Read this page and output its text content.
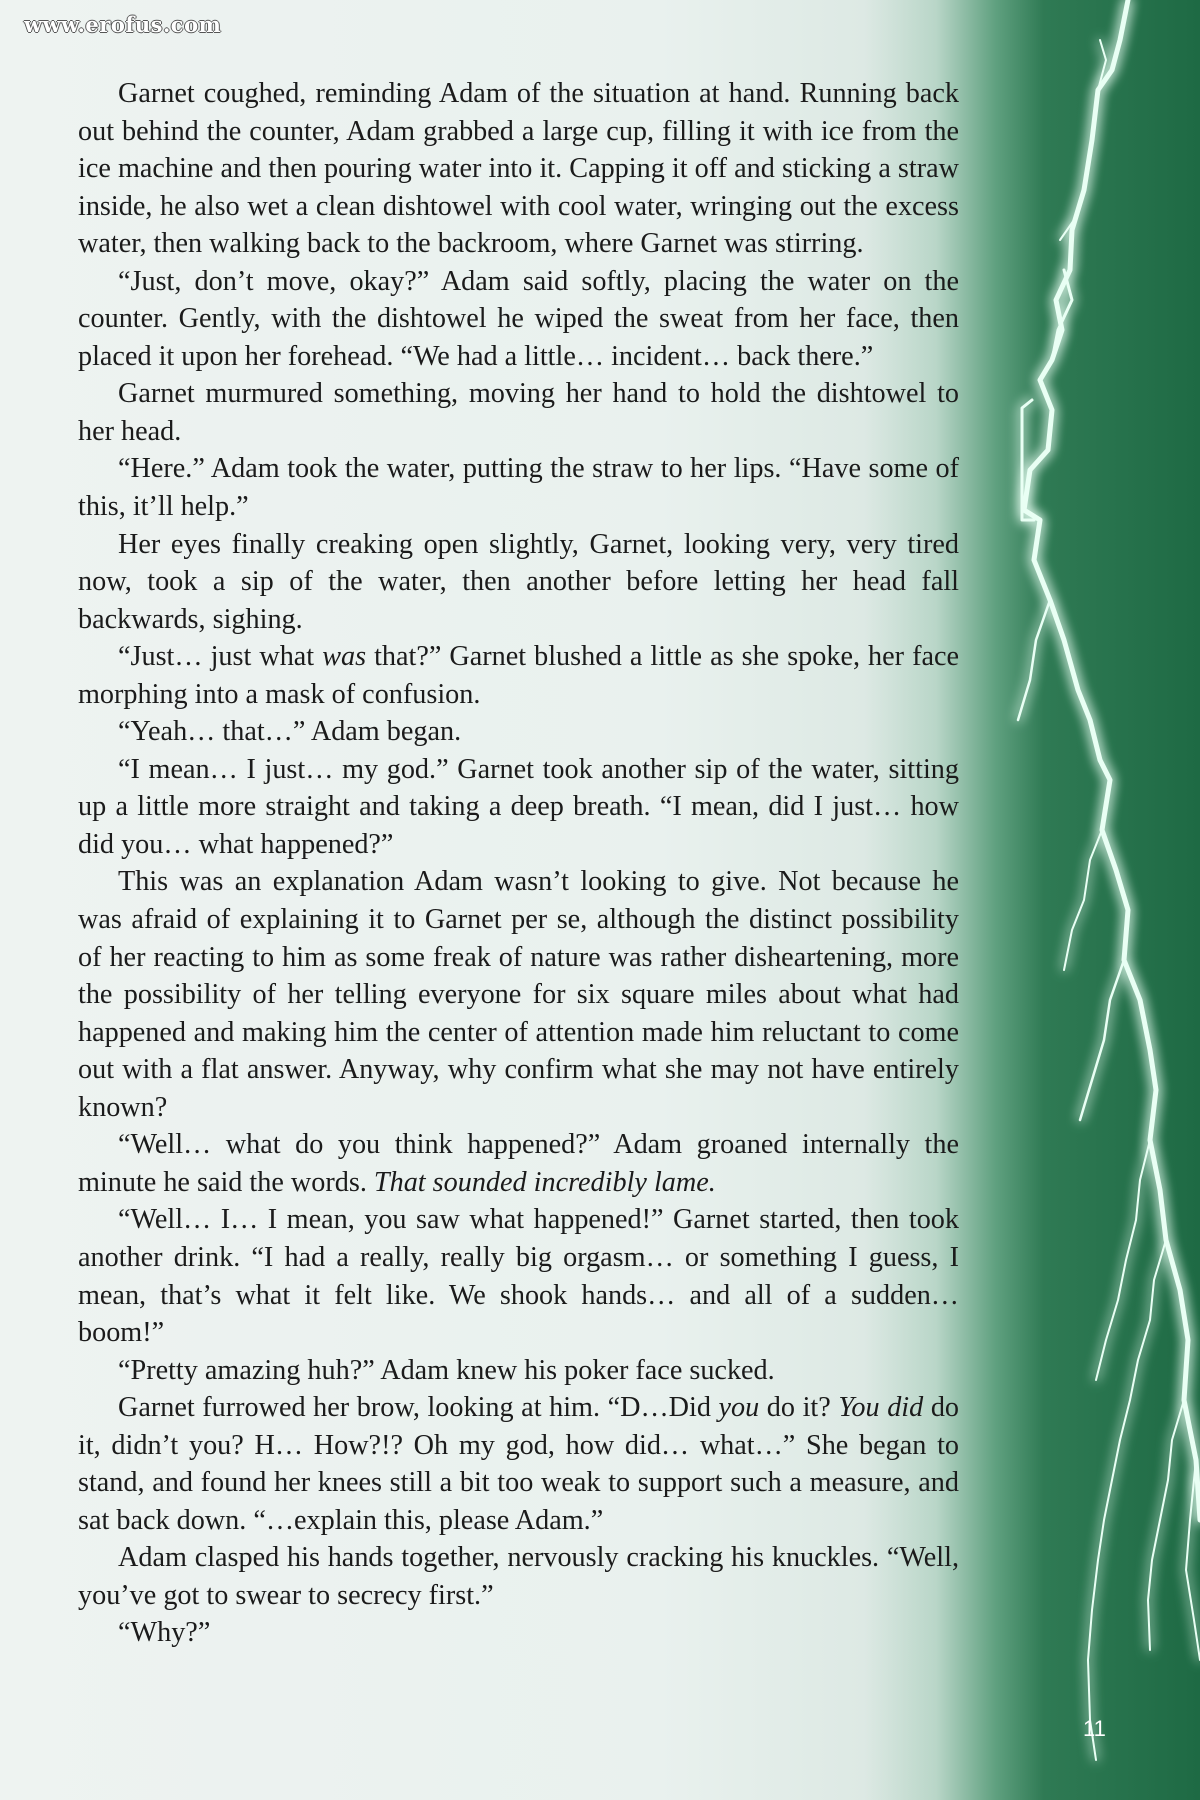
www.erofus.com

Garnet coughed, reminding Adam of the situation at hand. Running back out behind the counter, Adam grabbed a large cup, filling it with ice from the ice machine and then pouring water into it. Capping it off and sticking a straw inside, he also wet a clean dishtowel with cool water, wringing out the excess water, then walking back to the backroom, where Garnet was stirring.

“Just, don’t move, okay?” Adam said softly, placing the water on the counter. Gently, with the dishtowel he wiped the sweat from her face, then placed it upon her forehead. “We had a little… incident… back there.”

Garnet murmured something, moving her hand to hold the dishtowel to her head.

“Here.” Adam took the water, putting the straw to her lips. “Have some of this, it’ll help.”

Her eyes finally creaking open slightly, Garnet, looking very, very tired now, took a sip of the water, then another before letting her head fall backwards, sighing.

“Just… just what was that?” Garnet blushed a little as she spoke, her face morphing into a mask of confusion.

“Yeah… that…” Adam began.

“I mean… I just… my god.” Garnet took another sip of the water, sitting up a little more straight and taking a deep breath. “I mean, did I just… how did you… what happened?”

This was an explanation Adam wasn’t looking to give. Not because he was afraid of explaining it to Garnet per se, although the distinct possibility of her reacting to him as some freak of nature was rather disheartening, more the possibility of her telling everyone for six square miles about what had happened and making him the center of attention made him reluctant to come out with a flat answer. Anyway, why confirm what she may not have entirely known?

“Well… what do you think happened?” Adam groaned internally the minute he said the words. That sounded incredibly lame.

“Well… I… I mean, you saw what happened!” Garnet started, then took another drink. “I had a really, really big orgasm… or something I guess, I mean, that’s what it felt like. We shook hands… and all of a sudden… boom!”

“Pretty amazing huh?” Adam knew his poker face sucked.

Garnet furrowed her brow, looking at him. “D…Did you do it? You did do it, didn’t you? H… How?!? Oh my god, how did… what…” She began to stand, and found her knees still a bit too weak to support such a measure, and sat back down. “…explain this, please Adam.”

Adam clasped his hands together, nervously cracking his knuckles. “Well, you’ve got to swear to secrecy first.”

“Why?”

11
